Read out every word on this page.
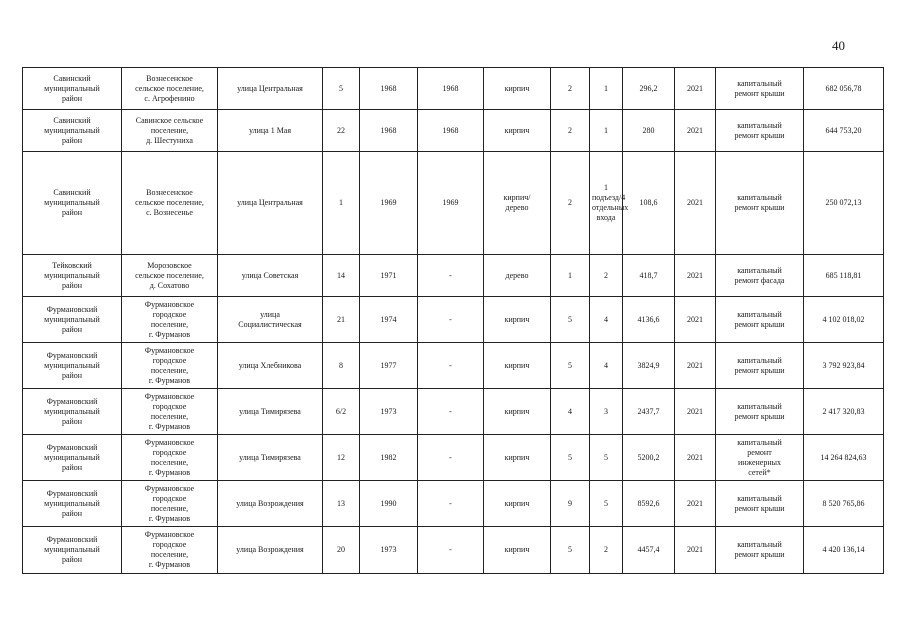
40
Савинский
муниципальный
район	Вознесенское
сельское поселение,
с. Агрофенино	улица Центральная	5	1968	1968	кирпич	2	1	296,2	2021	капитальный
ремонт крыши	682 056,78
Савинский
муниципальный
район	Савинское сельское
поселение,
д. Шестуниха	улица 1 Мая	22	1968	1968	кирпич	2	1	280	2021	капитальный
ремонт крыши	644 753,20
Савинский
муниципальный
район	Вознесенское
сельское поселение,
с. Вознесенье	улица Центральная	1	1969	1969	кирпич/
дерево	2	1 подъезд/4 отдельных входа	108,6	2021	капитальный
ремонт крыши	250 072,13
Тейковский
муниципальный
район	Морозовское
сельское поселение,
д. Сохатово	улица Советская	14	1971	-	дерево	1	2	418,7	2021	капитальный
ремонт фасада	685 118,81
Фурмановский
муниципальный
район	Фурмановское
городское
поселение,
г. Фурманов	улица
Социалистическая	21	1974	-	кирпич	5	4	4136,6	2021	капитальный
ремонт крыши	4 102 018,02
Фурмановский
муниципальный
район	Фурмановское
городское
поселение,
г. Фурманов	улица Хлебникова	8	1977	-	кирпич	5	4	3824,9	2021	капитальный
ремонт крыши	3 792 923,84
Фурмановский
муниципальный
район	Фурмановское
городское
поселение,
г. Фурманов	улица Тимирязева	6/2	1973	-	кирпич	4	3	2437,7	2021	капитальный
ремонт крыши	2 417 320,83
Фурмановский
муниципальный
район	Фурмановское
городское
поселение,
г. Фурманов	улица Тимирязева	12	1982	-	кирпич	5	5	5200,2	2021	капитальный
ремонт
инженерных
сетей*	14 264 824,63
Фурмановский
муниципальный
район	Фурмановское
городское
поселение,
г. Фурманов	улица Возрождения	13	1990	-	кирпич	9	5	8592,6	2021	капитальный
ремонт крыши	8 520 765,86
Фурмановский
муниципальный
район	Фурмановское
городское
поселение,
г. Фурманов	улица Возрождения	20	1973	-	кирпич	5	2	4457,4	2021	капитальный
ремонт крыши	4 420 136,14
